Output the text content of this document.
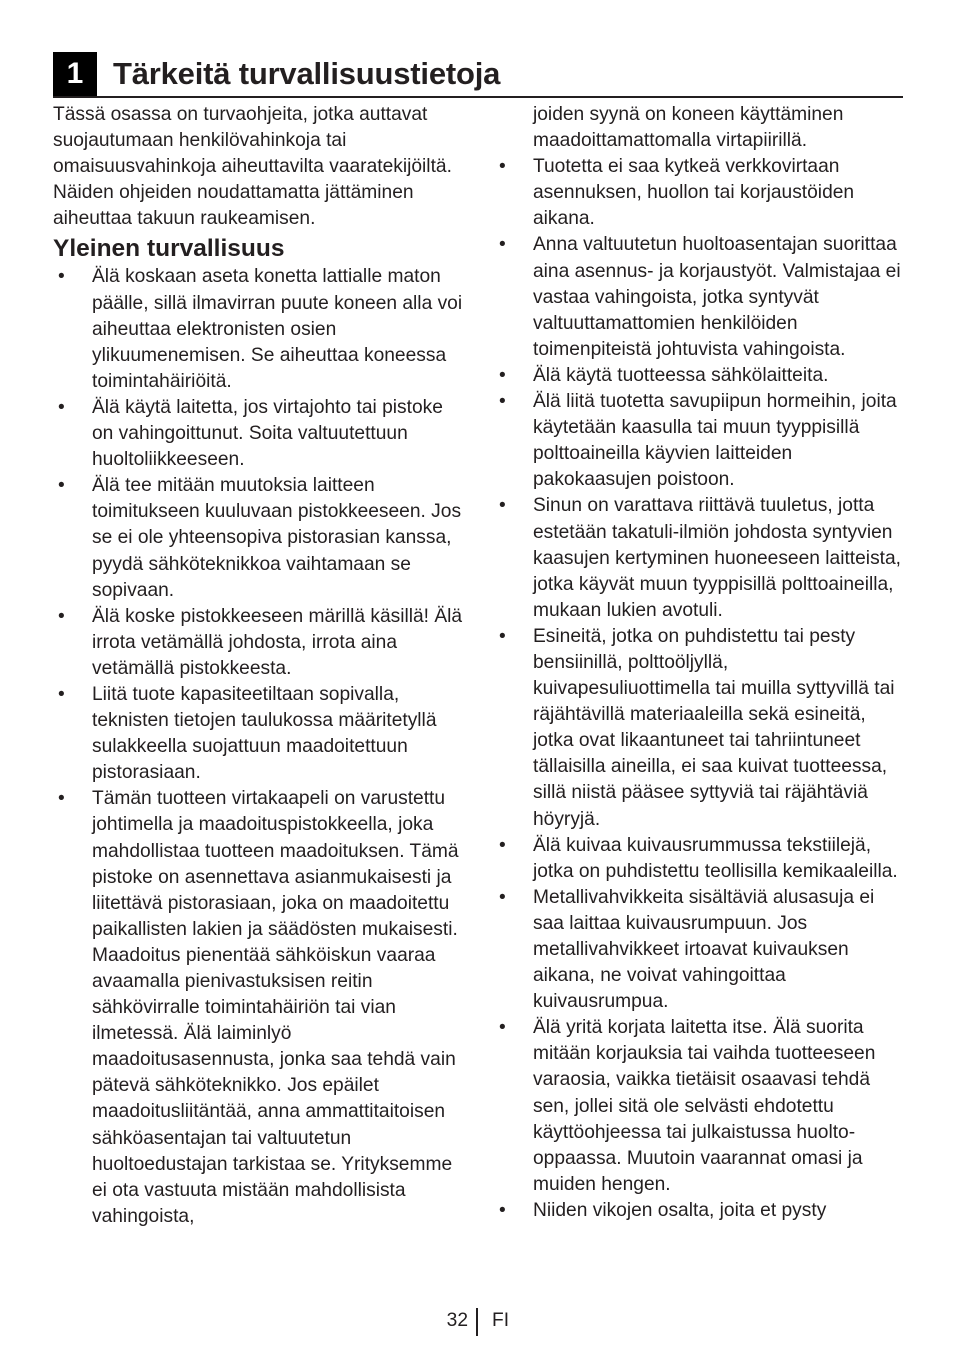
1 Tärkeitä turvallisuustietoja

Tässä osassa on turvaohjeita, jotka auttavat suojautumaan henkilövahinkoja tai omaisuusvahinkoja aiheuttavilta vaaratekijöiltä. Näiden ohjeiden noudattamatta jättäminen aiheuttaa takuun raukeamisen.

Yleinen turvallisuus
• Älä koskaan aseta konetta lattialle maton päälle, sillä ilmavirran puute koneen alla voi aiheuttaa elektronisten osien ylikuumenemisen. Se aiheuttaa koneessa toimintahäiriöitä.
• Älä käytä laitetta, jos virtajohto tai pistoke on vahingoittunut. Soita valtuutettuun huoltoliikkeeseen.
• Älä tee mitään muutoksia laitteen toimitukseen kuuluvaan pistokkeeseen. Jos se ei ole yhteensopiva pistorasian kanssa, pyydä sähköteknikkoa vaihtamaan se sopivaan.
• Älä koske pistokkeeseen märillä käsillä! Älä irrota vetämällä johdosta, irrota aina vetämällä pistokkeesta.
• Liitä tuote kapasiteetiltaan sopivalla, teknisten tietojen taulukossa määritetyllä sulakkeella suojattuun maadoitettuun pistorasiaan.
• Tämän tuotteen virtakaapeli on varustettu johtimella ja maadoituspistokkeella, joka mahdollistaa tuotteen maadoituksen. Tämä pistoke on asennettava asianmukaisesti ja liitettävä pistorasiaan, joka on maadoitettu paikallisten lakien ja säädösten mukaisesti. Maadoitus pienentää sähköiskun vaaraa avaamalla pienivastuksisen reitin sähkövirralle toimintahäiriön tai vian ilmetessä. Älä laiminlyö maadoitusasennusta, jonka saa tehdä vain pätevä sähköteknikko. Jos epäilet maadoitusliitäntää, anna ammattitaitoisen sähköasentajan tai valtuutetun huoltoedustajan tarkistaa se. Yrityksemme ei ota vastuuta mistään mahdollisista vahingoista,

joiden syynä on koneen käyttäminen maadoittamattomalla virtapiirillä.

• Tuotetta ei saa kytkeä verkkovirtaan asennuksen, huollon tai korjaustöiden aikana.
• Anna valtuutetun huoltoasentajan suorittaa aina asennus- ja korjaustyöt. Valmistajaa ei vastaa vahingoista, jotka syntyvät valtuuttamattomien henkilöiden toimenpiteistä johtuvista vahingoista.
• Älä käytä tuotteessa sähkölaitteita.
• Älä liitä tuotetta savupiipun hormeihin, joita käytetään kaasulla tai muun tyyppisillä polttoaineilla käyvien laitteiden pakokaasujen poistoon.
• Sinun on varattava riittävä tuuletus, jotta estetään takatuli-ilmiön johdosta syntyvien kaasujen kertyminen huoneeseen laitteista, jotka käyvät muun tyyppisillä polttoaineilla, mukaan lukien avotuli.
• Esineitä, jotka on puhdistettu tai pesty bensiinillä, polttoöljyllä, kuivapesuliuottimella tai muilla syttyvillä tai räjähtävillä materiaaleilla sekä esineitä, jotka ovat likaantuneet tai tahriintuneet tällaisilla aineilla, ei saa kuivat tuotteessa, sillä niistä pääsee syttyviä tai räjähtäviä höyryjä.
• Älä kuivaa kuivausrummussa tekstiilejä, jotka on puhdistettu teollisilla kemikaaleilla.
• Metallivahvikkeita sisältäviä alusasuja ei saa laittaa kuivausrumpuun. Jos metallivahvikkeet irtoavat kuivauksen aikana, ne voivat vahingoittaa kuivausrumpua.
• Älä yritä korjata laitetta itse. Älä suorita mitään korjauksia tai vaihda tuotteeseen varaosia, vaikka tietäisit osaavasi tehdä sen, jollei sitä ole selvästi ehdotettu käyttöohjeessa tai julkaistussa huolto-oppaassa. Muutoin vaarannat omasi ja muiden hengen.
• Niiden vikojen osalta, joita et pysty
32 FI
